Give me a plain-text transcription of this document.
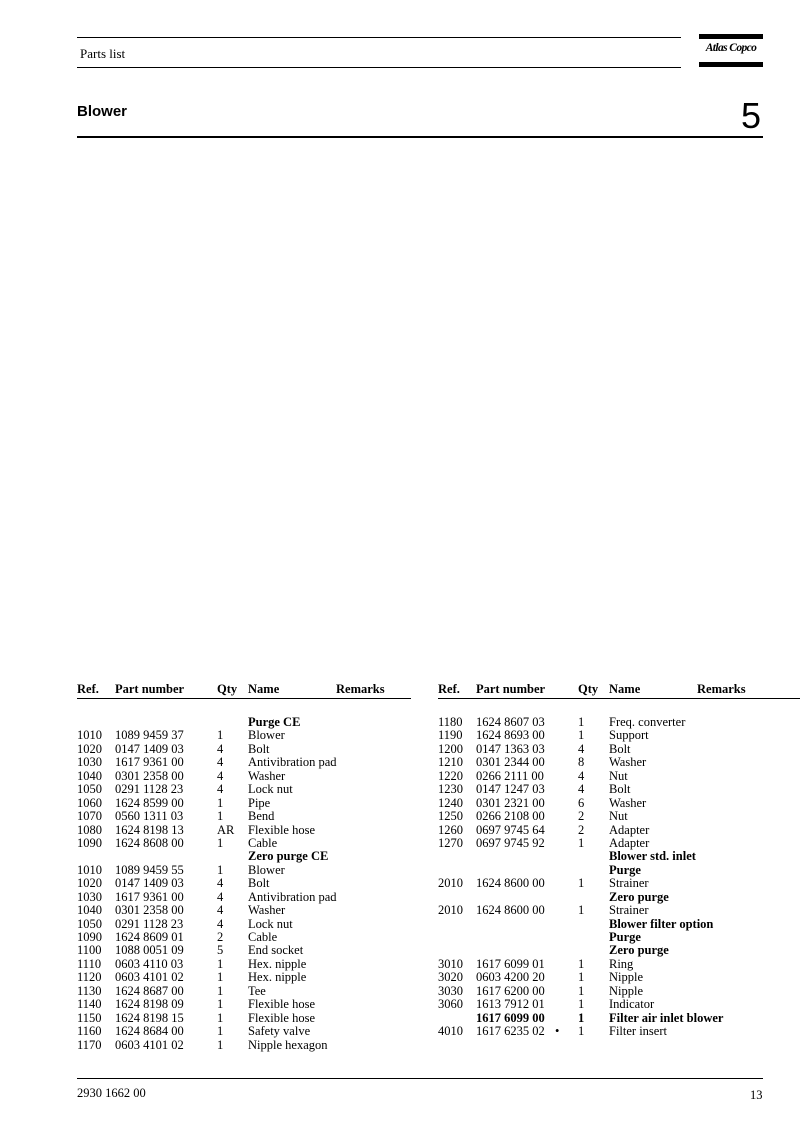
Parts list	Atlas Copco
Blower	5
Ref. Part number	Qty Name	Remarks
Purge CE
1010 1089 9459 37	1 Blower
1020 0147 1409 03	4 Bolt
1030 1617 9361 00	4 Antivibration pad
1040 0301 2358 00	4 Washer
1050 0291 1128 23	4 Lock nut
1060 1624 8599 00	1 Pipe
1070 0560 1311 03	1 Bend
1080 1624 8198 13	AR Flexible hose
1090 1624 8608 00	1 Cable
Zero purge CE
1010 1089 9459 55	1 Blower
1020 0147 1409 03	4 Bolt
1030 1617 9361 00	4 Antivibration pad
1040 0301 2358 00	4 Washer
1050 0291 1128 23	4 Lock nut
1090 1624 8609 01	2 Cable
1100 1088 0051 09	5 End socket
1110 0603 4110 03	1 Hex. nipple
1120 0603 4101 02	1 Hex. nipple
1130 1624 8687 00	1 Tee
1140 1624 8198 09	1 Flexible hose
1150 1624 8198 15	1 Flexible hose
1160 1624 8684 00	1 Safety valve
1170 0603 4101 02	1 Nipple hexagon
Ref. Part number	Qty Name	Remarks
1180 1624 8607 03	1 Freq. converter
1190 1624 8693 00	1 Support
1200 0147 1363 03	4 Bolt
1210 0301 2344 00	8 Washer
1220 0266 2111 00	4 Nut
1230 0147 1247 03	4 Bolt
1240 0301 2321 00	6 Washer
1250 0266 2108 00	2 Nut
1260 0697 9745 64	2 Adapter
1270 0697 9745 92	1 Adapter
Blower std. inlet
Purge
2010 1624 8600 00	1 Strainer
Zero purge
2010 1624 8600 00	1 Strainer
Blower filter option
Purge
Zero purge
3010 1617 6099 01	1 Ring
3020 0603 4200 20	1 Nipple
3030 1617 6200 00	1 Nipple
3060 1613 7912 01	1 Indicator
1617 6099 00	1 Filter air inlet blower
4010 1617 6235 02 • 1 Filter insert
2930 1662 00	13
